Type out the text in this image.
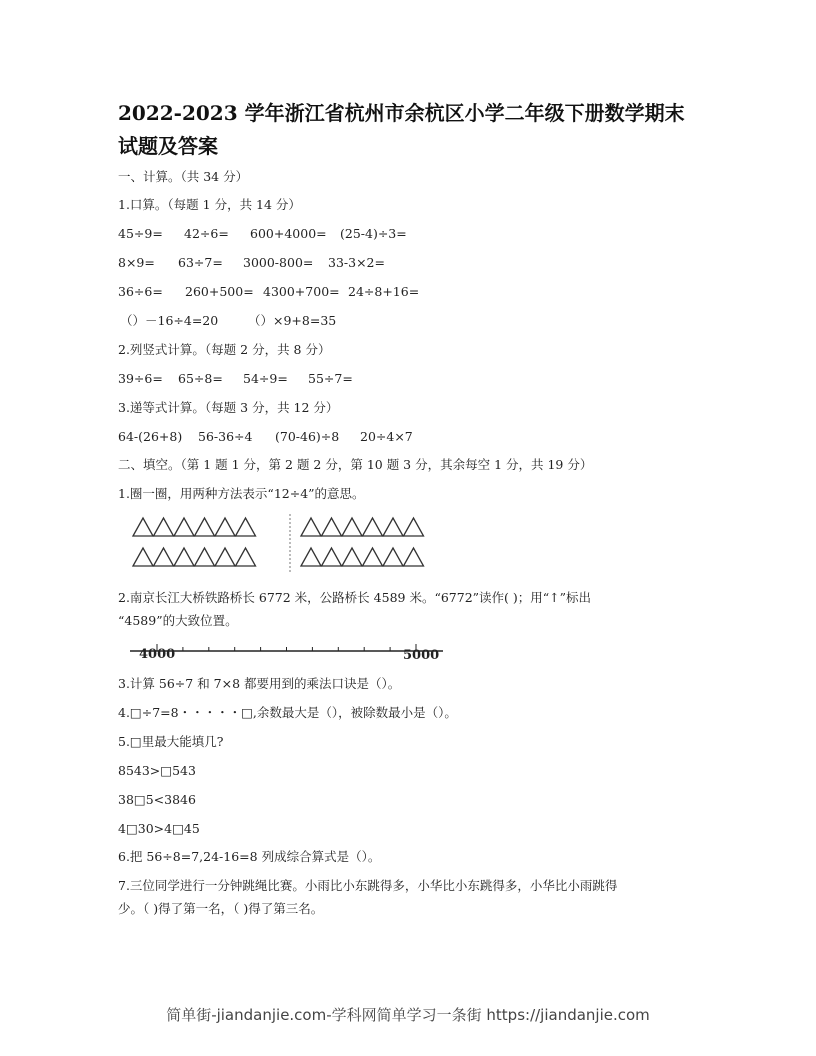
2022-2023 学年浙江省杭州市余杭区小学二年级下册数学期末
试题及答案
一、计算。（共 34 分）
1.口算。（每题 1 分，共 14 分）
45÷9= 42÷6= 600+4000= (25-4)÷3=
8×9= 63÷7= 3000-800= 33-3×2=
36÷6= 260+500= 4300+700= 24÷8+16=
（）－16÷4=20 （）×9+8=35
2.列竖式计算。（每题 2 分，共 8 分）
39÷6= 65÷8= 54÷9= 55÷7=
3.递等式计算。（每题 3 分，共 12 分）
64-(26+8) 56-36÷4 (70-46)÷8 20÷4×7
二、填空。（第 1 题 1 分，第 2 题 2 分，第 10 题 3 分，其余每空 1 分，共 19 分）
1.圈一圈，用两种方法表示“12÷4”的意思。
2.南京长江大桥铁路桥长 6772 米，公路桥长 4589 米。“6772”读作( )；用“↑”标出
“4589”的大致位置。
4000	5000
3.计算 56÷7 和 7×8 都要用到的乘法口诀是（）。
4.□÷7=8・・・・・□,余数最大是（），被除数最小是（）。
5.□里最大能填几?
8543>□543
38□5<3846
4□30>4□45
6.把 56÷8=7,24-16=8 列成综合算式是（）。
7.三位同学进行一分钟跳绳比赛。小雨比小东跳得多，小华比小东跳得多，小华比小雨跳得
少。（ )得了第一名，（ )得了第三名。
简单街-jiandanjie.com-学科网简单学习一条街 https://jiandanjie.com
